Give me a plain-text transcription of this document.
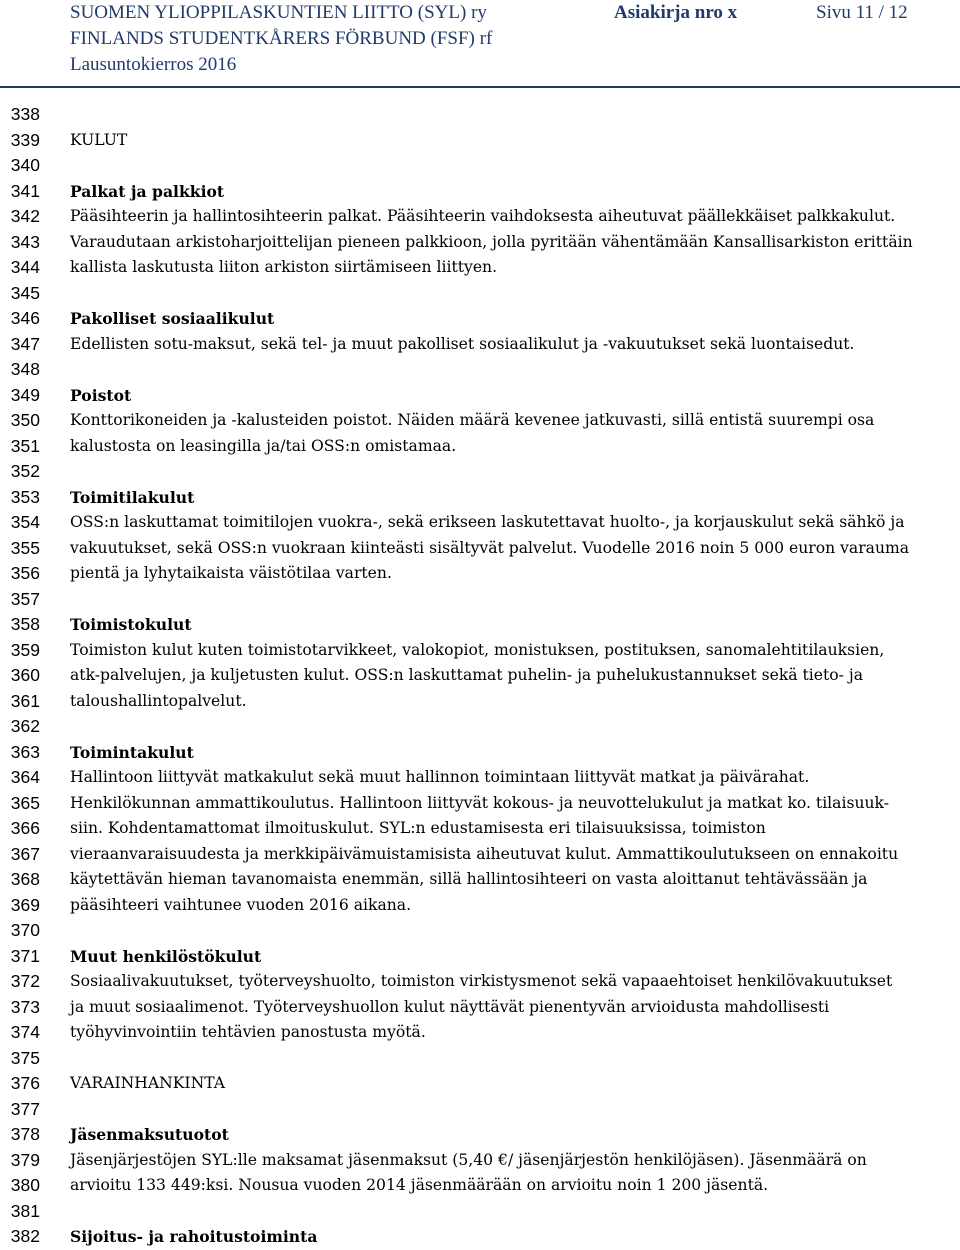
SUOMEN YLIOPPILASKUNTIEN LIITTO (SYL) ry	Asiakirja nro x	Sivu 11 / 12
FINLANDS STUDENTKÅRERS FÖRBUND (FSF) rf
Lausuntokierros 2016
338
339
340
341
342
343
344
345
346
347
348
349
350
351
352
353
354
355
356
357
358
359
360
361
362
363
364
365
366
367
368
369
370
371
372
373
374
375
376
377
378
379
380
381
382
KULUT
Palkat ja palkkiot
Pääsihteerin ja hallintosihteerin palkat. Pääsihteerin vaihdoksesta aiheutuvat päällekkäiset palkkakulut.
Varaudutaan arkistoharjoittelijan pieneen palkkioon, jolla pyritään vähentämään Kansallisarkiston erittäin
kallista laskutusta liiton arkiston siirtämiseen liittyen.
Pakolliset sosiaalikulut
Edellisten sotu-maksut, sekä tel- ja muut pakolliset sosiaalikulut ja -vakuutukset sekä luontaisedut.
Poistot
Konttorikoneiden ja -kalusteiden poistot. Näiden määrä kevenee jatkuvasti, sillä entistä suurempi osa
kalustosta on leasingilla ja/tai OSS:n omistamaa.
Toimitilakulut
OSS:n laskuttamat toimitilojen vuokra-, sekä erikseen laskutettavat huolto-, ja korjauskulut sekä sähkö ja
vakuutukset, sekä OSS:n vuokraan kiinteästi sisältyvät palvelut. Vuodelle 2016 noin 5 000 euron varauma
pientä ja lyhytaikaista väistötilaa varten.
Toimistokulut
Toimiston kulut kuten toimistotarvikkeet, valokopiot, monistuksen, postituksen, sanomalehtitilauksien,
atk-palvelujen, ja kuljetusten kulut. OSS:n laskuttamat puhelin- ja puhelukustannukset sekä tieto- ja
taloushallintopalvelut.
Toimintakulut
Hallintoon liittyvät matkakulut sekä muut hallinnon toimintaan liittyvät matkat ja päivärahat.
Henkilökunnan ammattikoulutus. Hallintoon liittyvät kokous- ja neuvottelukulut ja matkat ko. tilaisuuk-
siin. Kohdentamattomat ilmoituskulut. SYL:n edustamisesta eri tilaisuuksissa, toimiston
vieraanvaraisuudesta ja merkkipäivämuistamisista aiheutuvat kulut. Ammattikoulutukseen on ennakoitu
käytettävän hieman tavanomaista enemmän, sillä hallintosihteeri on vasta aloittanut tehtävässään ja
pääsihteeri vaihtunee vuoden 2016 aikana.
Muut henkilöstökulut
Sosiaalivakuutukset, työterveyshuolto, toimiston virkistysmenot sekä vapaaehtoiset henkilövakuutukset
ja muut sosiaalimenot. Työterveyshuollon kulut näyttävät pienentyvän arvioidusta mahdollisesti
työhyvinvointiin tehtävien panostusta myötä.
VARAINHANKINTA
Jäsenmaksutuotot
Jäsenjärjestöjen SYL:lle maksamat jäsenmaksut (5,40 €/ jäsenjärjestön henkilöjäsen). Jäsenmäärä on
arvioitu 133 449:ksi. Nousua vuoden 2014 jäsenmäärään on arvioitu noin 1 200 jäsentä.
Sijoitus- ja rahoitustoiminta
